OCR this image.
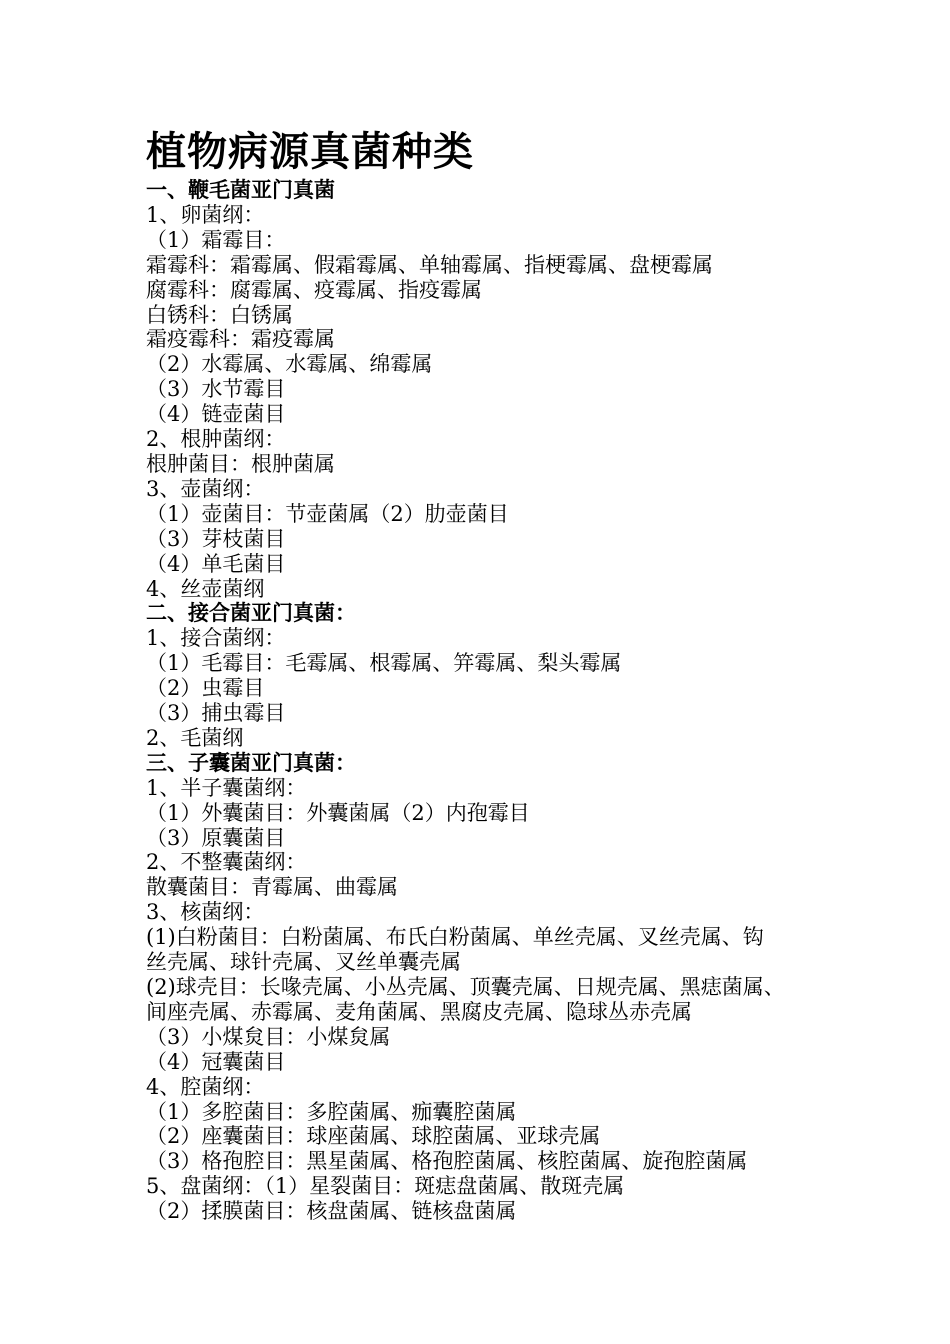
植物病源真菌种类

一、鞭毛菌亚门真菌

1、卵菌纲：

（1）霜霉目：

霜霉科：霜霉属、假霜霉属、单轴霉属、指梗霉属、盘梗霉属

腐霉科：腐霉属、疫霉属、指疫霉属

白锈科：白锈属

霜疫霉科：霜疫霉属

（2）水霉属、水霉属、绵霉属

（3）水节霉目

（4）链壶菌目

2、根肿菌纲：

根肿菌目：根肿菌属

3、壶菌纲：

（1）壶菌目：节壶菌属（2）肋壶菌目

（3）芽枝菌目

（4）单毛菌目

4、丝壶菌纲

二、接合菌亚门真菌：

1、接合菌纲：

（1）毛霉目：毛霉属、根霉属、笄霉属、梨头霉属

（2）虫霉目

（3）捕虫霉目

2、毛菌纲

三、子囊菌亚门真菌：

1、半子囊菌纲：

（1）外囊菌目：外囊菌属（2）内孢霉目

（3）原囊菌目

2、不整囊菌纲：

散囊菌目：青霉属、曲霉属

3、核菌纲：

(1)白粉菌目：白粉菌属、布氏白粉菌属、单丝壳属、叉丝壳属、钩

丝壳属、球针壳属、叉丝单囊壳属

(2)球壳目：长喙壳属、小丛壳属、顶囊壳属、日规壳属、黑痣菌属、

间座壳属、赤霉属、麦角菌属、黑腐皮壳属、隐球丛赤壳属

（3）小煤炱目：小煤炱属

（4）冠囊菌目

4、腔菌纲：

（1）多腔菌目：多腔菌属、痂囊腔菌属

（2）座囊菌目：球座菌属、球腔菌属、亚球壳属

（3）格孢腔目：黑星菌属、格孢腔菌属、核腔菌属、旋孢腔菌属

5、盘菌纲：（1）星裂菌目：斑痣盘菌属、散斑壳属

（2）揉膜菌目：核盘菌属、链核盘菌属
